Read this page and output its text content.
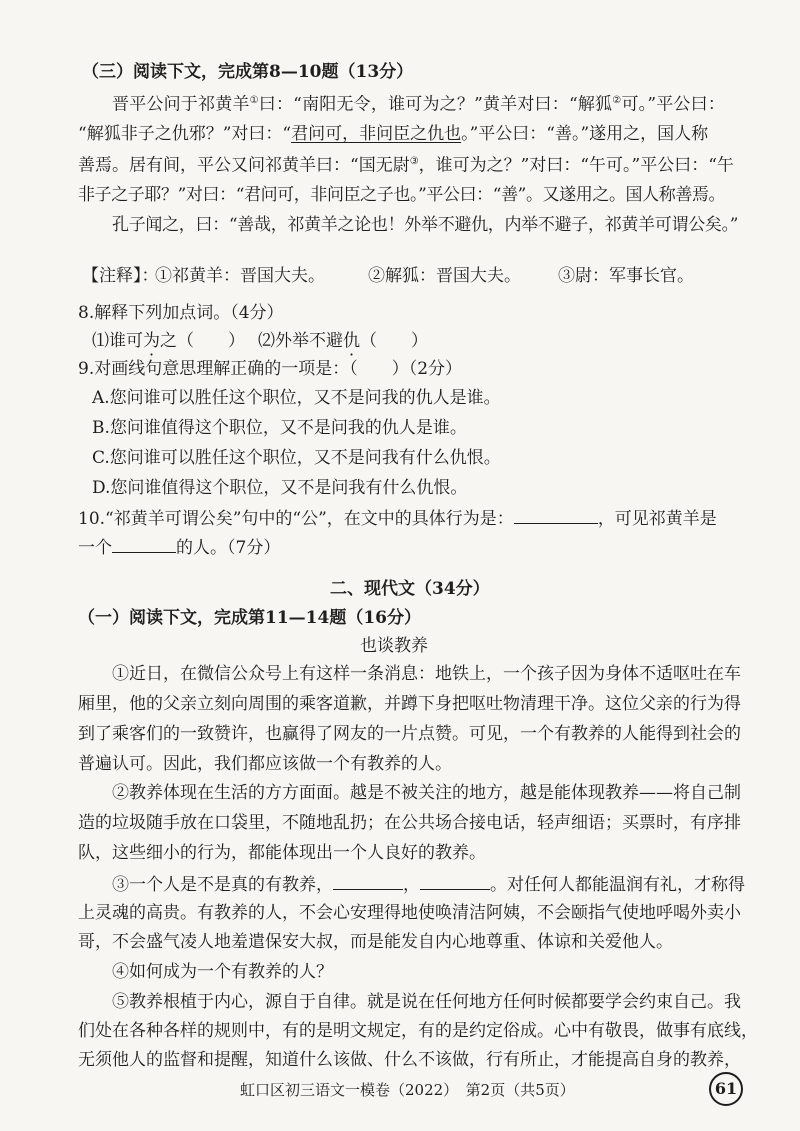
（三）阅读下文，完成第8—10题（13分）
晋平公问于祁黄羊①曰：“南阳无令，谁可为之？”黄羊对曰：“解狐②可。”平公曰：
“解狐非子之仇邪？”对曰：“君问可，非问臣之仇也。”平公曰：“善。”遂用之，国人称
善焉。居有间，平公又问祁黄羊曰：“国无尉③，谁可为之？”对曰：“午可。”平公曰：“午
非子之子耶？”对曰：“君问可，非问臣之子也。”平公曰：“善”。又遂用之。国人称善焉。
孔子闻之，曰：“善哉，祁黄羊之论也！外举不避仇，内举不避子，祁黄羊可谓公矣。”
【注释】：
①祁黄羊：晋国大夫。	②解狐：晋国大夫。 ③尉：军事长官。
8.解释下列加点词。（4分）
⑴谁可为之（　　） ⑵外举不避仇（　　）
9.对画线句意思理解正确的一项是：（　　）（2分）
A.您问谁可以胜任这个职位，又不是问我的仇人是谁。
B.您问谁值得这个职位，又不是问我的仇人是谁。
C.您问谁可以胜任这个职位，又不是问我有什么仇恨。
D.您问谁值得这个职位，又不是问我有什么仇恨。
10.“祁黄羊可谓公矣”句中的“公”，在文中的具体行为是：	，可见祁黄羊是
一个	的人。（7分）
二、现代文（34分）
（一）阅读下文，完成第11—14题（16分）
也谈教养
①近日，在微信公众号上有这样一条消息：地铁上，一个孩子因为身体不适呕吐在车
厢里，他的父亲立刻向周围的乘客道歉，并蹲下身把呕吐物清理干净。这位父亲的行为得
到了乘客们的一致赞许，也赢得了网友的一片点赞。可见，一个有教养的人能得到社会的
普遍认可。因此，我们都应该做一个有教养的人。
②教养体现在生活的方方面面。越是不被关注的地方，越是能体现教养——将自己制
造的垃圾随手放在口袋里，不随地乱扔；在公共场合接电话，轻声细语；买票时，有序排
队，这些细小的行为，都能体现出一个人良好的教养。
③一个人是不是真的有教养，	，	。对任何人都能温润有礼，才称得
上灵魂的高贵。有教养的人，不会心安理得地使唤清洁阿姨，不会颐指气使地呼喝外卖小
哥，不会盛气凌人地羞遣保安大叔，而是能发自内心地尊重、体谅和关爱他人。
④如何成为一个有教养的人？
⑤教养根植于内心，源自于自律。就是说在任何地方任何时候都要学会约束自己。我
们处在各种各样的规则中，有的是明文规定，有的是约定俗成。心中有敬畏，做事有底线，
无须他人的监督和提醒，知道什么该做、什么不该做，行有所止，才能提高自身的教养，
虹口区初三语文一模卷（2022）　第2页（共5页）	61
